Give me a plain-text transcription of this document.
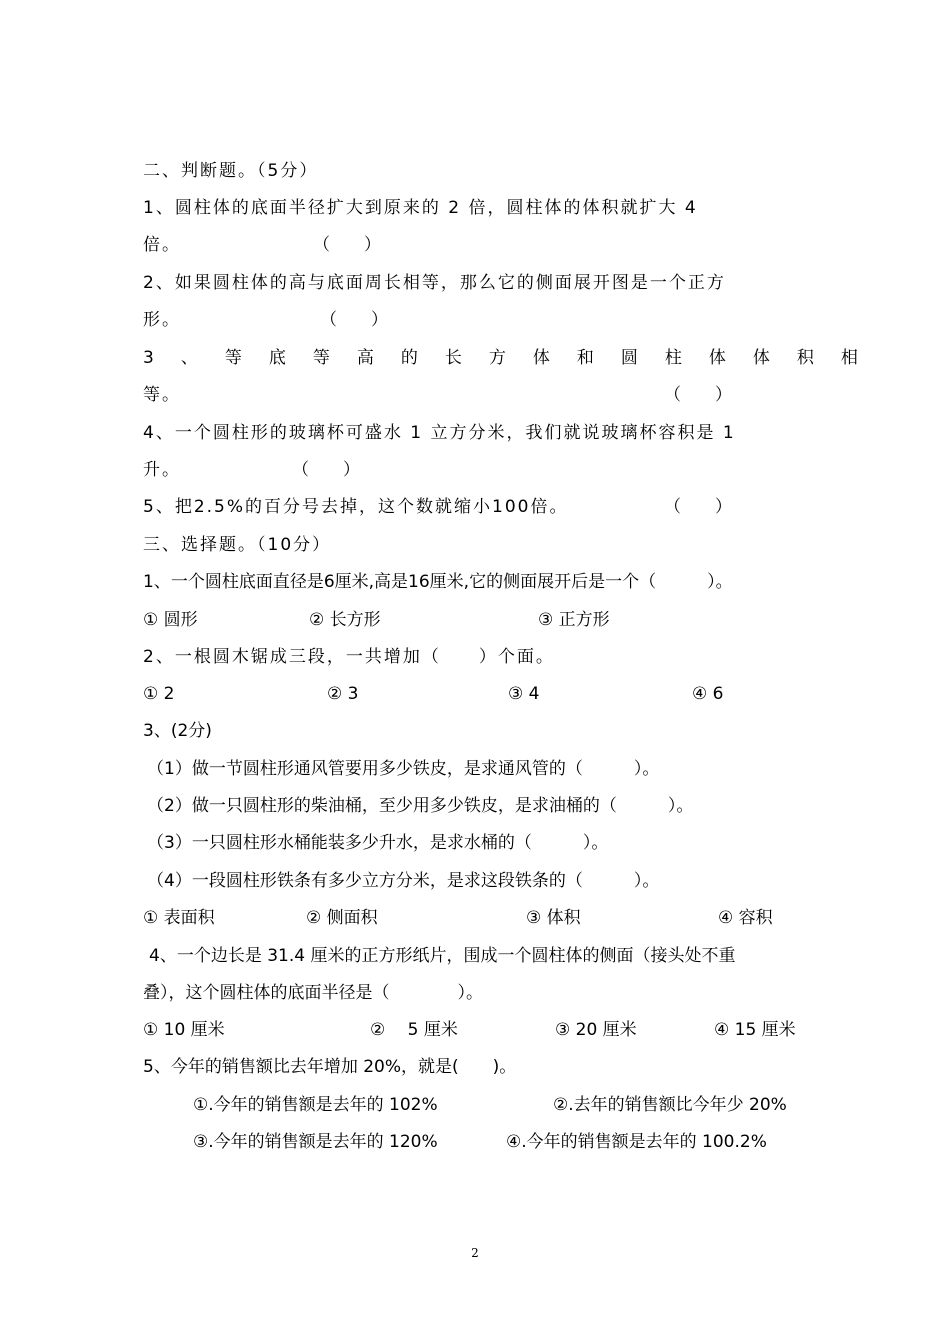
二、判断题。（5分）
1、圆柱体的底面半径扩大到原来的 2 倍，圆柱体的体积就扩大 4
倍。	（　　）
2、如果圆柱体的高与底面周长相等，那么它的侧面展开图是一个正方
形。	（　　）
3、等底等高的长方体和圆柱体体积相
等。	（　　）
4、一个圆柱形的玻璃杯可盛水 1 立方分米，我们就说玻璃杯容积是 1
升。	（　　）
5、把2.5%的百分号去掉，这个数就缩小100倍。	（　　）
三、选择题。（10分）
1、一个圆柱底面直径是6厘米,高是16厘米,它的侧面展开后是一个（　　　）。
① 圆形	② 长方形	③ 正方形
2、一根圆木锯成三段，一共增加（　　）个面。
① 2	② 3	③ 4	④ 6
3、(2分)
（1）做一节圆柱形通风管要用多少铁皮，是求通风管的（　　　）。
（2）做一只圆柱形的柴油桶，至少用多少铁皮，是求油桶的（　　　）。
（3）一只圆柱形水桶能装多少升水，是求水桶的（　　　）。
（4）一段圆柱形铁条有多少立方分米，是求这段铁条的（　　　）。
① 表面积	② 侧面积	③ 体积	④ 容积
4、一个边长是 31.4 厘米的正方形纸片，围成一个圆柱体的侧面（接头处不重
叠），这个圆柱体的底面半径是（　　　　）。
① 10 厘米	②　 5 厘米	③ 20 厘米	④ 15 厘米
5、今年的销售额比去年增加 20%，就是(　　)。
①.今年的销售额是去年的 102%	②.去年的销售额比今年少 20%
③.今年的销售额是去年的 120%	④.今年的销售额是去年的 100.2%
2
